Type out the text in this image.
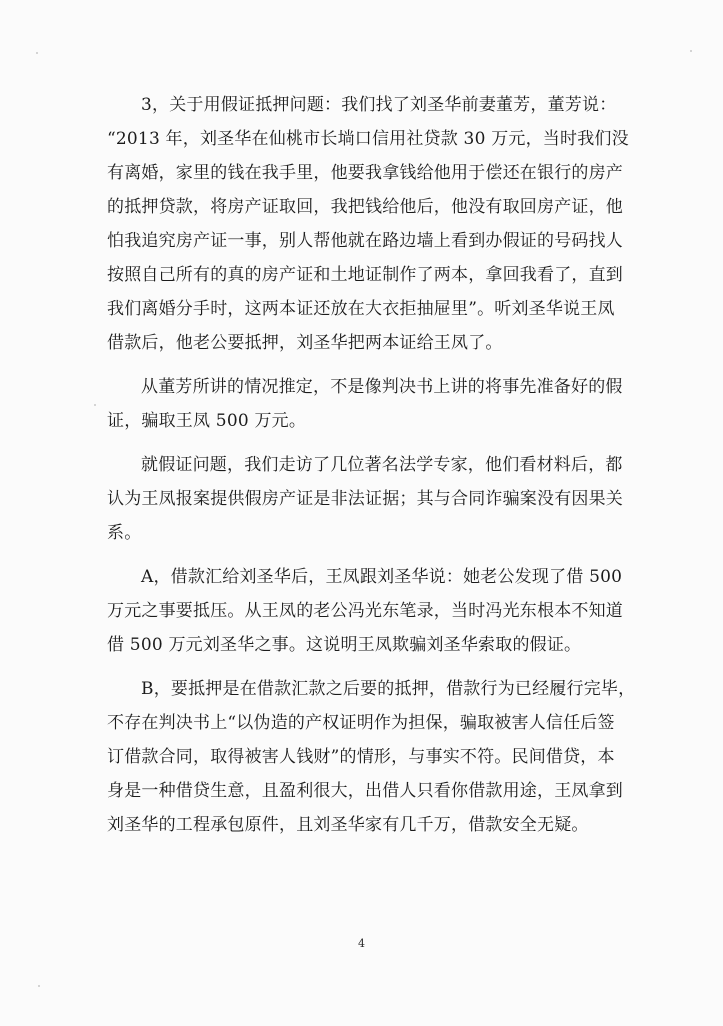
3，关于用假证抵押问题：我们找了刘圣华前妻董芳，董芳说：
“2013 年，刘圣华在仙桃市长埫口信用社贷款 30 万元，当时我们没
有离婚，家里的钱在我手里，他要我拿钱给他用于偿还在银行的房产
的抵押贷款，将房产证取回，我把钱给他后，他没有取回房产证，他
怕我追究房产证一事，别人帮他就在路边墙上看到办假证的号码找人
按照自己所有的真的房产证和土地证制作了两本，拿回我看了，直到
我们离婚分手时，这两本证还放在大衣拒抽屉里”。听刘圣华说王凤
借款后，他老公要抵押，刘圣华把两本证给王凤了。
从董芳所讲的情况推定，不是像判决书上讲的将事先准备好的假
证，骗取王凤 500 万元。
就假证问题，我们走访了几位著名法学专家，他们看材料后，都
认为王凤报案提供假房产证是非法证据；其与合同诈骗案没有因果关
系。
A，借款汇给刘圣华后，王凤跟刘圣华说：她老公发现了借 500
万元之事要抵压。从王凤的老公冯光东笔录，当时冯光东根本不知道
借 500 万元刘圣华之事。这说明王凤欺骗刘圣华索取的假证。
B，要抵押是在借款汇款之后要的抵押，借款行为已经履行完毕，
不存在判决书上“以伪造的产权证明作为担保，骗取被害人信任后签
订借款合同，取得被害人钱财”的情形，与事实不符。民间借贷，本
身是一种借贷生意，且盈利很大，出借人只看你借款用途，王凤拿到
刘圣华的工程承包原件，且刘圣华家有几千万，借款安全无疑。
4
